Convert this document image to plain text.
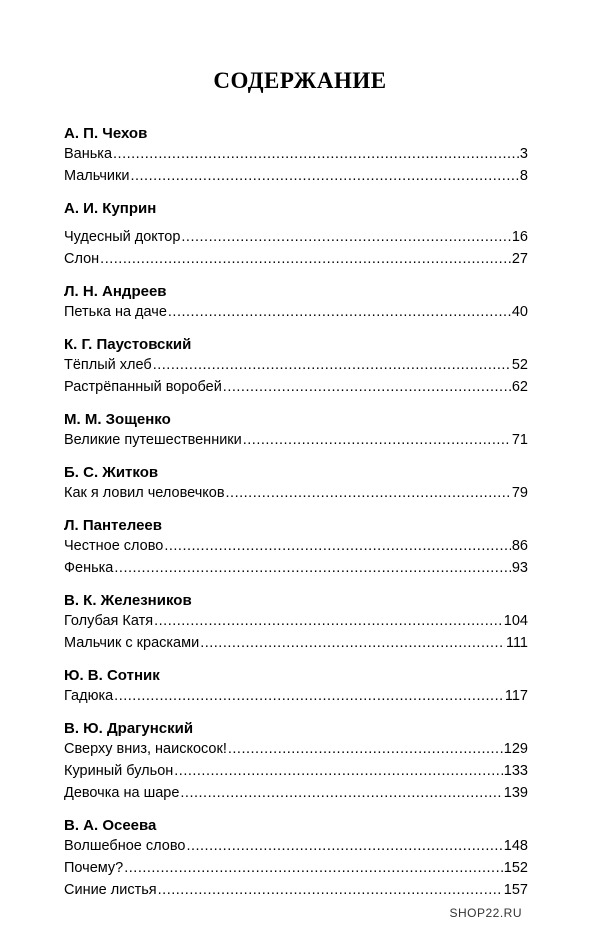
СОДЕРЖАНИЕ
А. П. Чехов
Ванька .....	3
Мальчики .....	8
А. И. Куприн
Чудесный доктор .....	16
Слон .....	27
Л. Н. Андреев
Петька на даче .....	40
К. Г. Паустовский
Тёплый хлеб .....	52
Растрёпанный воробей .....	62
М. М. Зощенко
Великие путешественники .....	71
Б. С. Житков
Как я ловил человечков .....	79
Л. Пантелеев
Честное слово .....	86
Фенька .....	93
В. К. Железников
Голубая Катя .....	104
Мальчик с красками .....	111
Ю. В. Сотник
Гадюка .....	117
В. Ю. Драгунский
Сверху вниз, наискосок! .....	129
Куриный бульон .....	133
Девочка на шаре .....	139
В. А. Осеева
Волшебное слово .....	148
Почему? .....	152
Синие листья .....	157
SHOP22.RU
